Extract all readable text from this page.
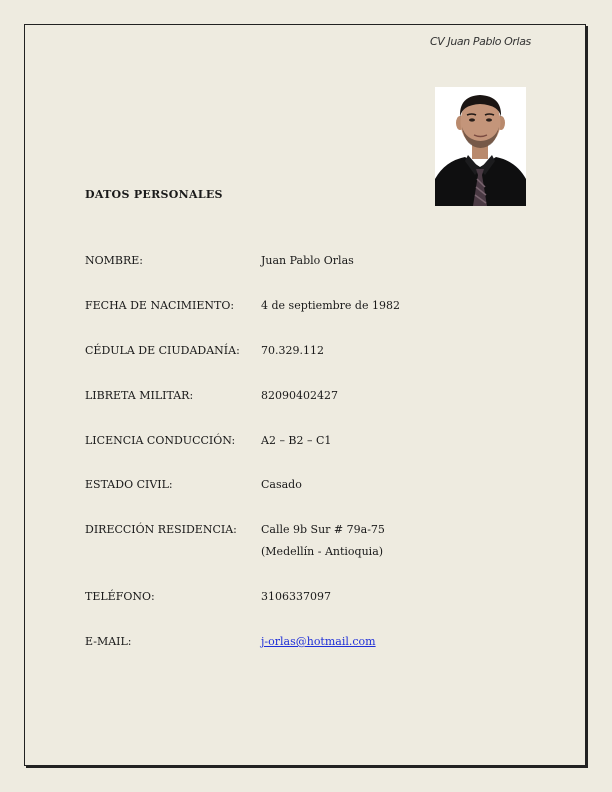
CV Juan Pablo Orlas
DATOS PERSONALES
NOMBRE:	Juan Pablo Orlas
FECHA DE NACIMIENTO: 4 de septiembre de 1982
CÉDULA DE CIUDADANÍA: 70.329.112
LIBRETA MILITAR:	82090402427
LICENCIA CONDUCCIÓN: A2 – B2 – C1
ESTADO CIVIL:	Casado
DIRECCIÓN RESIDENCIA: Calle 9b Sur # 79a-75
(Medellín - Antioquia)
TELÉFONO:	3106337097
E-MAIL:	j-orlas@hotmail.com
